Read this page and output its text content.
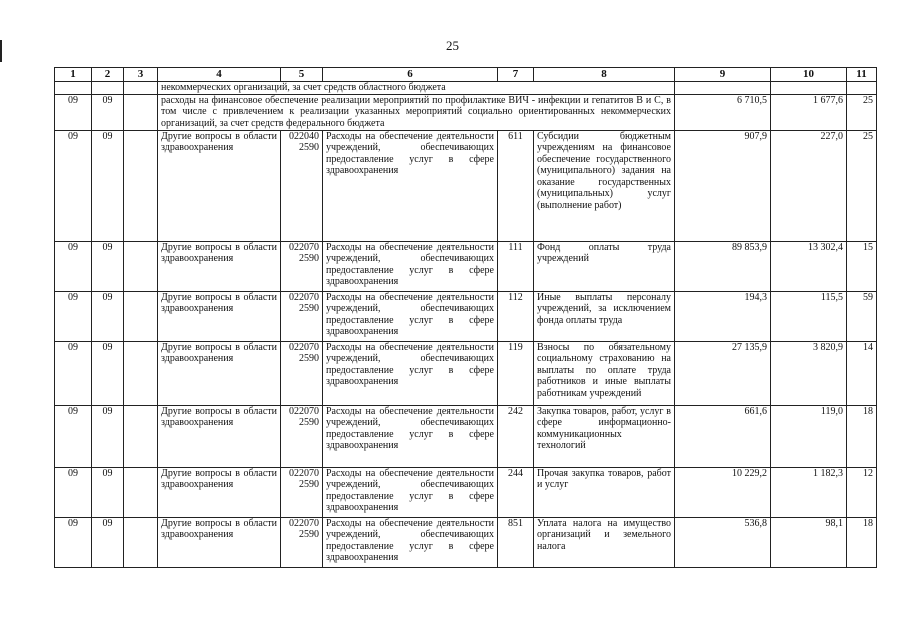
25
1	2	3	4	5	6	7	8	9	10	11
			некоммерческих организаций, за счет средств областного бюджета							
09	09		расходы на финансовое обеспечение реализации мероприятий по профилактике ВИЧ - инфекции и гепатитов B и C, в том числе с привлечением к реализации указанных мероприятий социально ориентированных некоммерческих организаций, за счет средств федерального бюджета					6 710,5	1 677,6	25
09	09		Другие вопросы в области здравоохранения	022040 2590	Расходы на обеспечение деятельности учреждений, обеспечивающих предоставление услуг в сфере здравоохранения	611	Субсидии бюджетным учреждениям на финансовое обеспечение государственного (муниципального) задания на оказание государственных (муниципальных) услуг (выполнение работ)	907,9	227,0	25
09	09		Другие вопросы в области здравоохранения	022070 2590	Расходы на обеспечение деятельности учреждений, обеспечивающих предоставление услуг в сфере здравоохранения	111	Фонд оплаты труда учреждений	89 853,9	13 302,4	15
09	09		Другие вопросы в области здравоохранения	022070 2590	Расходы на обеспечение деятельности учреждений, обеспечивающих предоставление услуг в сфере здравоохранения	112	Иные выплаты персоналу учреждений, за исключением фонда оплаты труда	194,3	115,5	59
09	09		Другие вопросы в области здравоохранения	022070 2590	Расходы на обеспечение деятельности учреждений, обеспечивающих предоставление услуг в сфере здравоохранения	119	Взносы по обязательному социальному страхованию на выплаты по оплате труда работников и иные выплаты работникам учреждений	27 135,9	3 820,9	14
09	09		Другие вопросы в области здравоохранения	022070 2590	Расходы на обеспечение деятельности учреждений, обеспечивающих предоставление услуг в сфере здравоохранения	242	Закупка товаров, работ, услуг в сфере информационно-коммуникационных технологий	661,6	119,0	18
09	09		Другие вопросы в области здравоохранения	022070 2590	Расходы на обеспечение деятельности учреждений, обеспечивающих предоставление услуг в сфере здравоохранения	244	Прочая закупка товаров, работ и услуг	10 229,2	1 182,3	12
09	09		Другие вопросы в области здравоохранения	022070 2590	Расходы на обеспечение деятельности учреждений, обеспечивающих предоставление услуг в сфере здравоохранения	851	Уплата налога на имущество организаций и земельного налога	536,8	98,1	18
